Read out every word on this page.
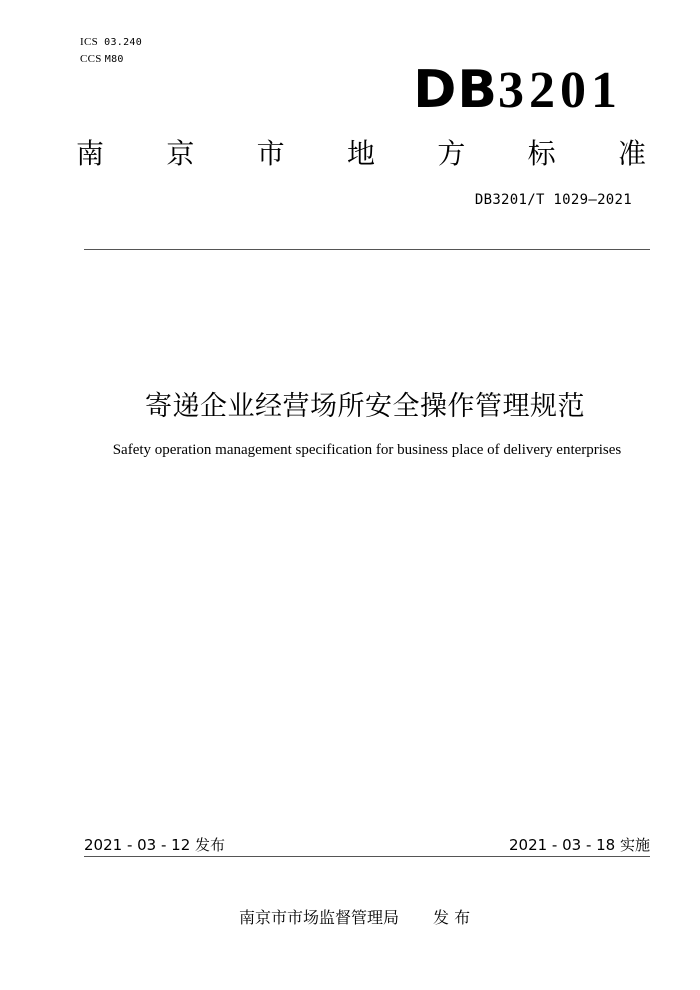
ICS 03.240
CCS M80
DB3201
南 京 市 地 方 标 准
DB3201/T 1029—2021
寄递企业经营场所安全操作管理规范
Safety operation management specification for business place of delivery enterprises
2021 - 03 - 12 发布	2021 - 03 - 18 实施
南京市市场监督管理局 发 布
